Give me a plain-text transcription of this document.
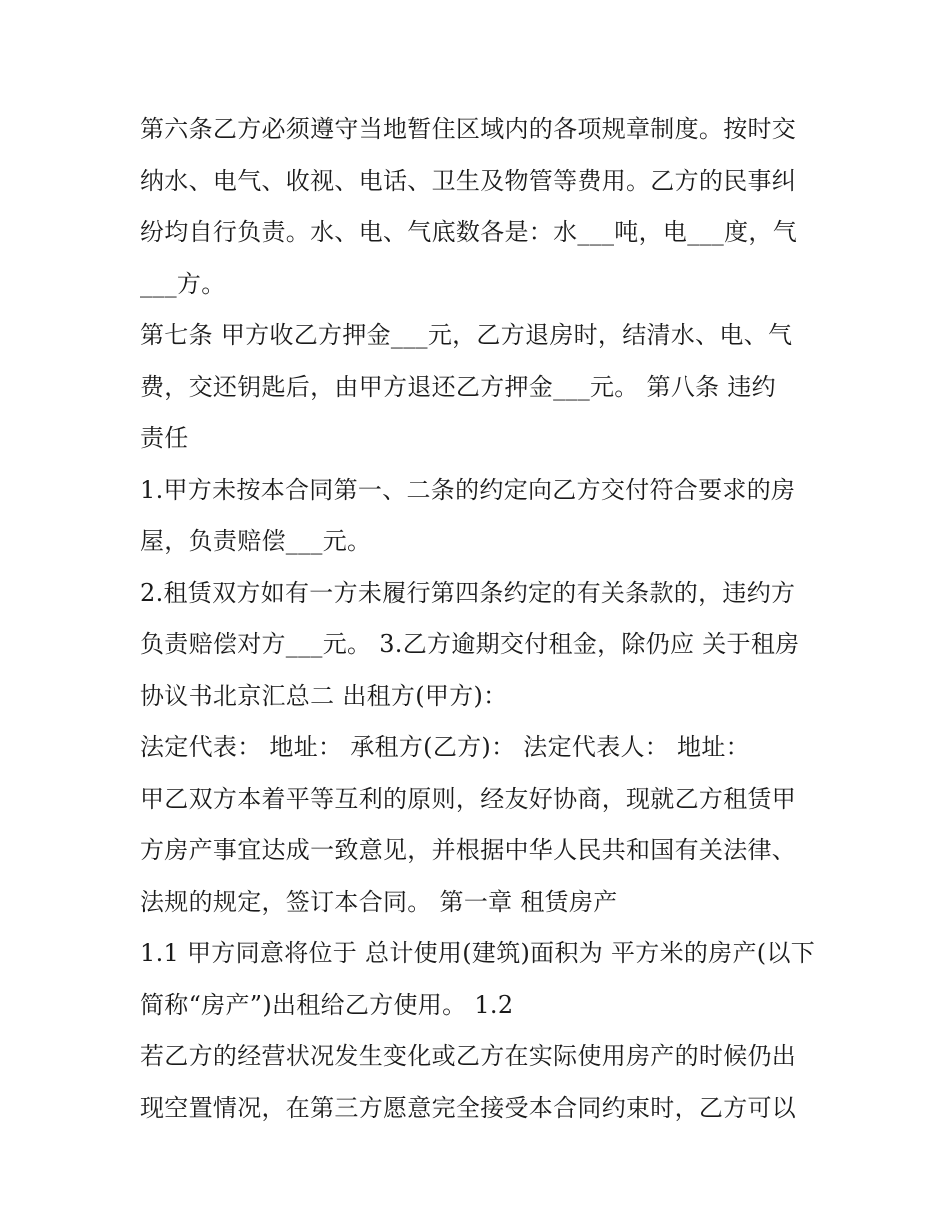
第六条乙方必须遵守当地暂住区域内的各项规章制度。按时交
纳水、电气、收视、电话、卫生及物管等费用。乙方的民事纠
纷均自行负责。水、电、气底数各是：水___吨，电___度，气
___方。
第七条 甲方收乙方押金___元，乙方退房时，结清水、电、气
费，交还钥匙后，由甲方退还乙方押金___元。 第八条 违约
责任
1.甲方未按本合同第一、二条的约定向乙方交付符合要求的房
屋，负责赔偿___元。
2.租赁双方如有一方未履行第四条约定的有关条款的，违约方
负责赔偿对方___元。 3.乙方逾期交付租金，除仍应 关于租房
协议书北京汇总二 出租方(甲方)：
法定代表： 地址： 承租方(乙方)： 法定代表人： 地址：
甲乙双方本着平等互利的原则，经友好协商，现就乙方租赁甲
方房产事宜达成一致意见，并根据中华人民共和国有关法律、
法规的规定，签订本合同。 第一章 租赁房产
1.1 甲方同意将位于 总计使用(建筑)面积为 平方米的房产(以下
简称“房产”)出租给乙方使用。 1.2
若乙方的经营状况发生变化或乙方在实际使用房产的时候仍出
现空置情况，在第三方愿意完全接受本合同约束时，乙方可以
